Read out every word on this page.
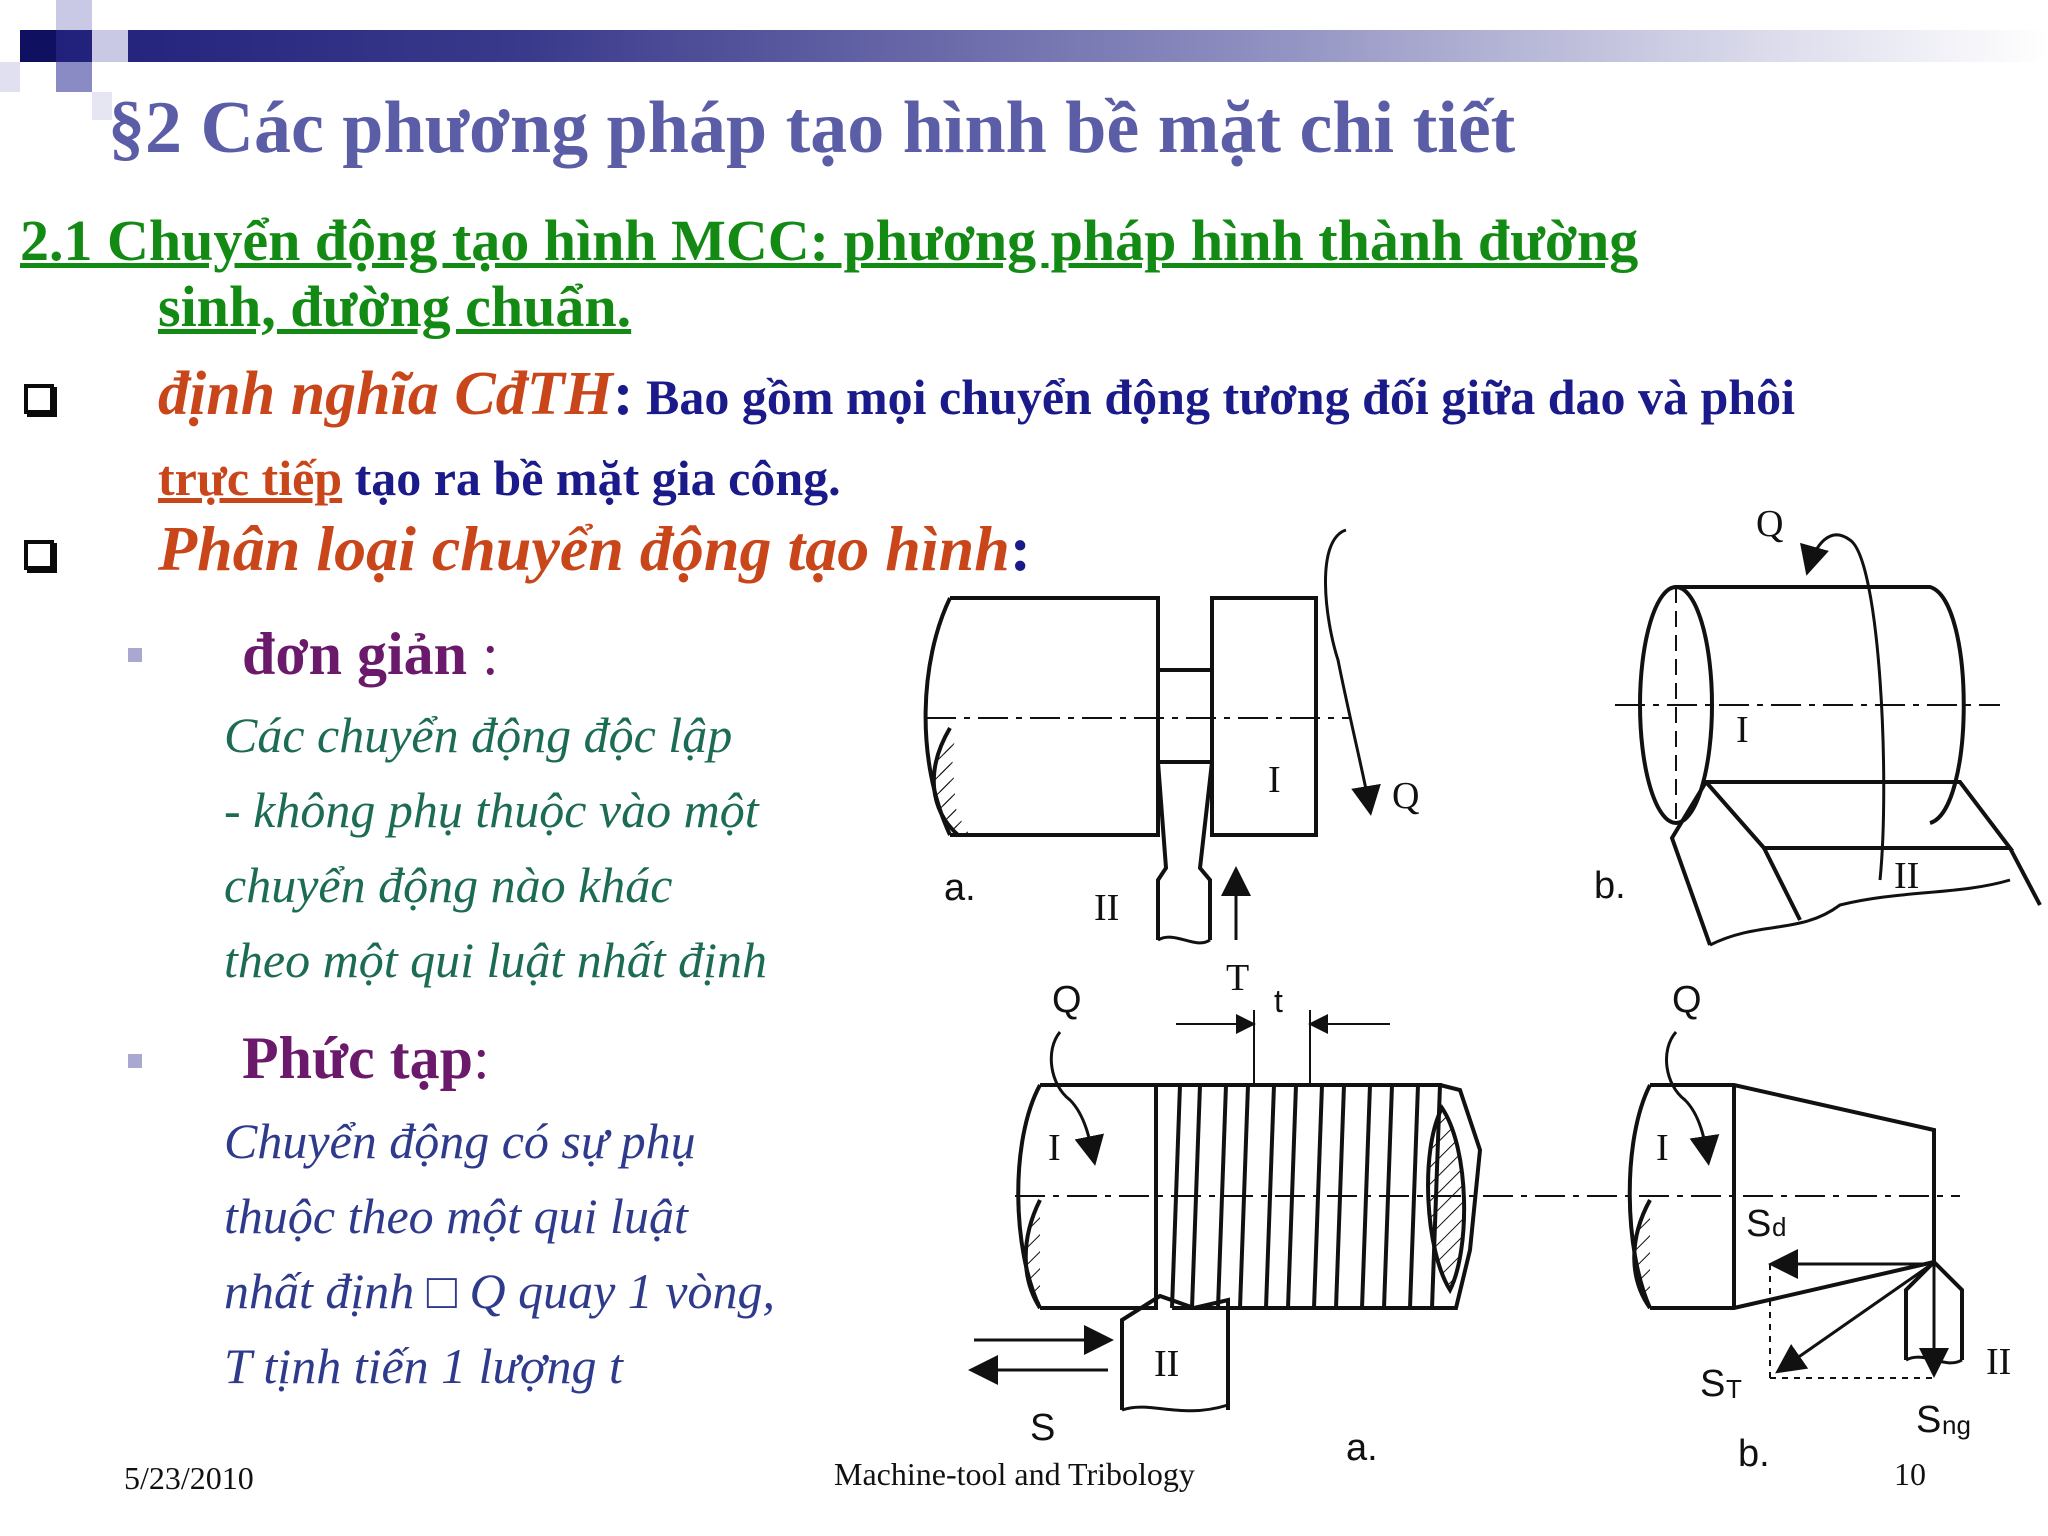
§2 Các phương pháp tạo hình bề mặt chi tiết
2.1 Chuyển động tạo hình MCC: phương pháp hình thành đường
sinh, đường chuẩn.
định nghĩa CđTH: Bao gồm mọi chuyển động tương đối giữa dao và phôi
trực tiếp tạo ra bề mặt gia công.
Phân loại chuyển động tạo hình:
đơn giản :
Các chuyển động độc lập
- không phụ thuộc vào một
chuyển động nào khác
theo một qui luật nhất định
Phức tạp:
Chuyển động có sự phụ
thuộc theo một qui luật
nhất định □ Q quay 1 vòng,
T tịnh tiến 1 lượng t
I	Q
II
T
a.
Q
I
II
b.
Q	t
I
II
S	a.
Q
I
S d
S T
II
S ng
b.
5/23/2010	Machine-tool and Tribology	10
